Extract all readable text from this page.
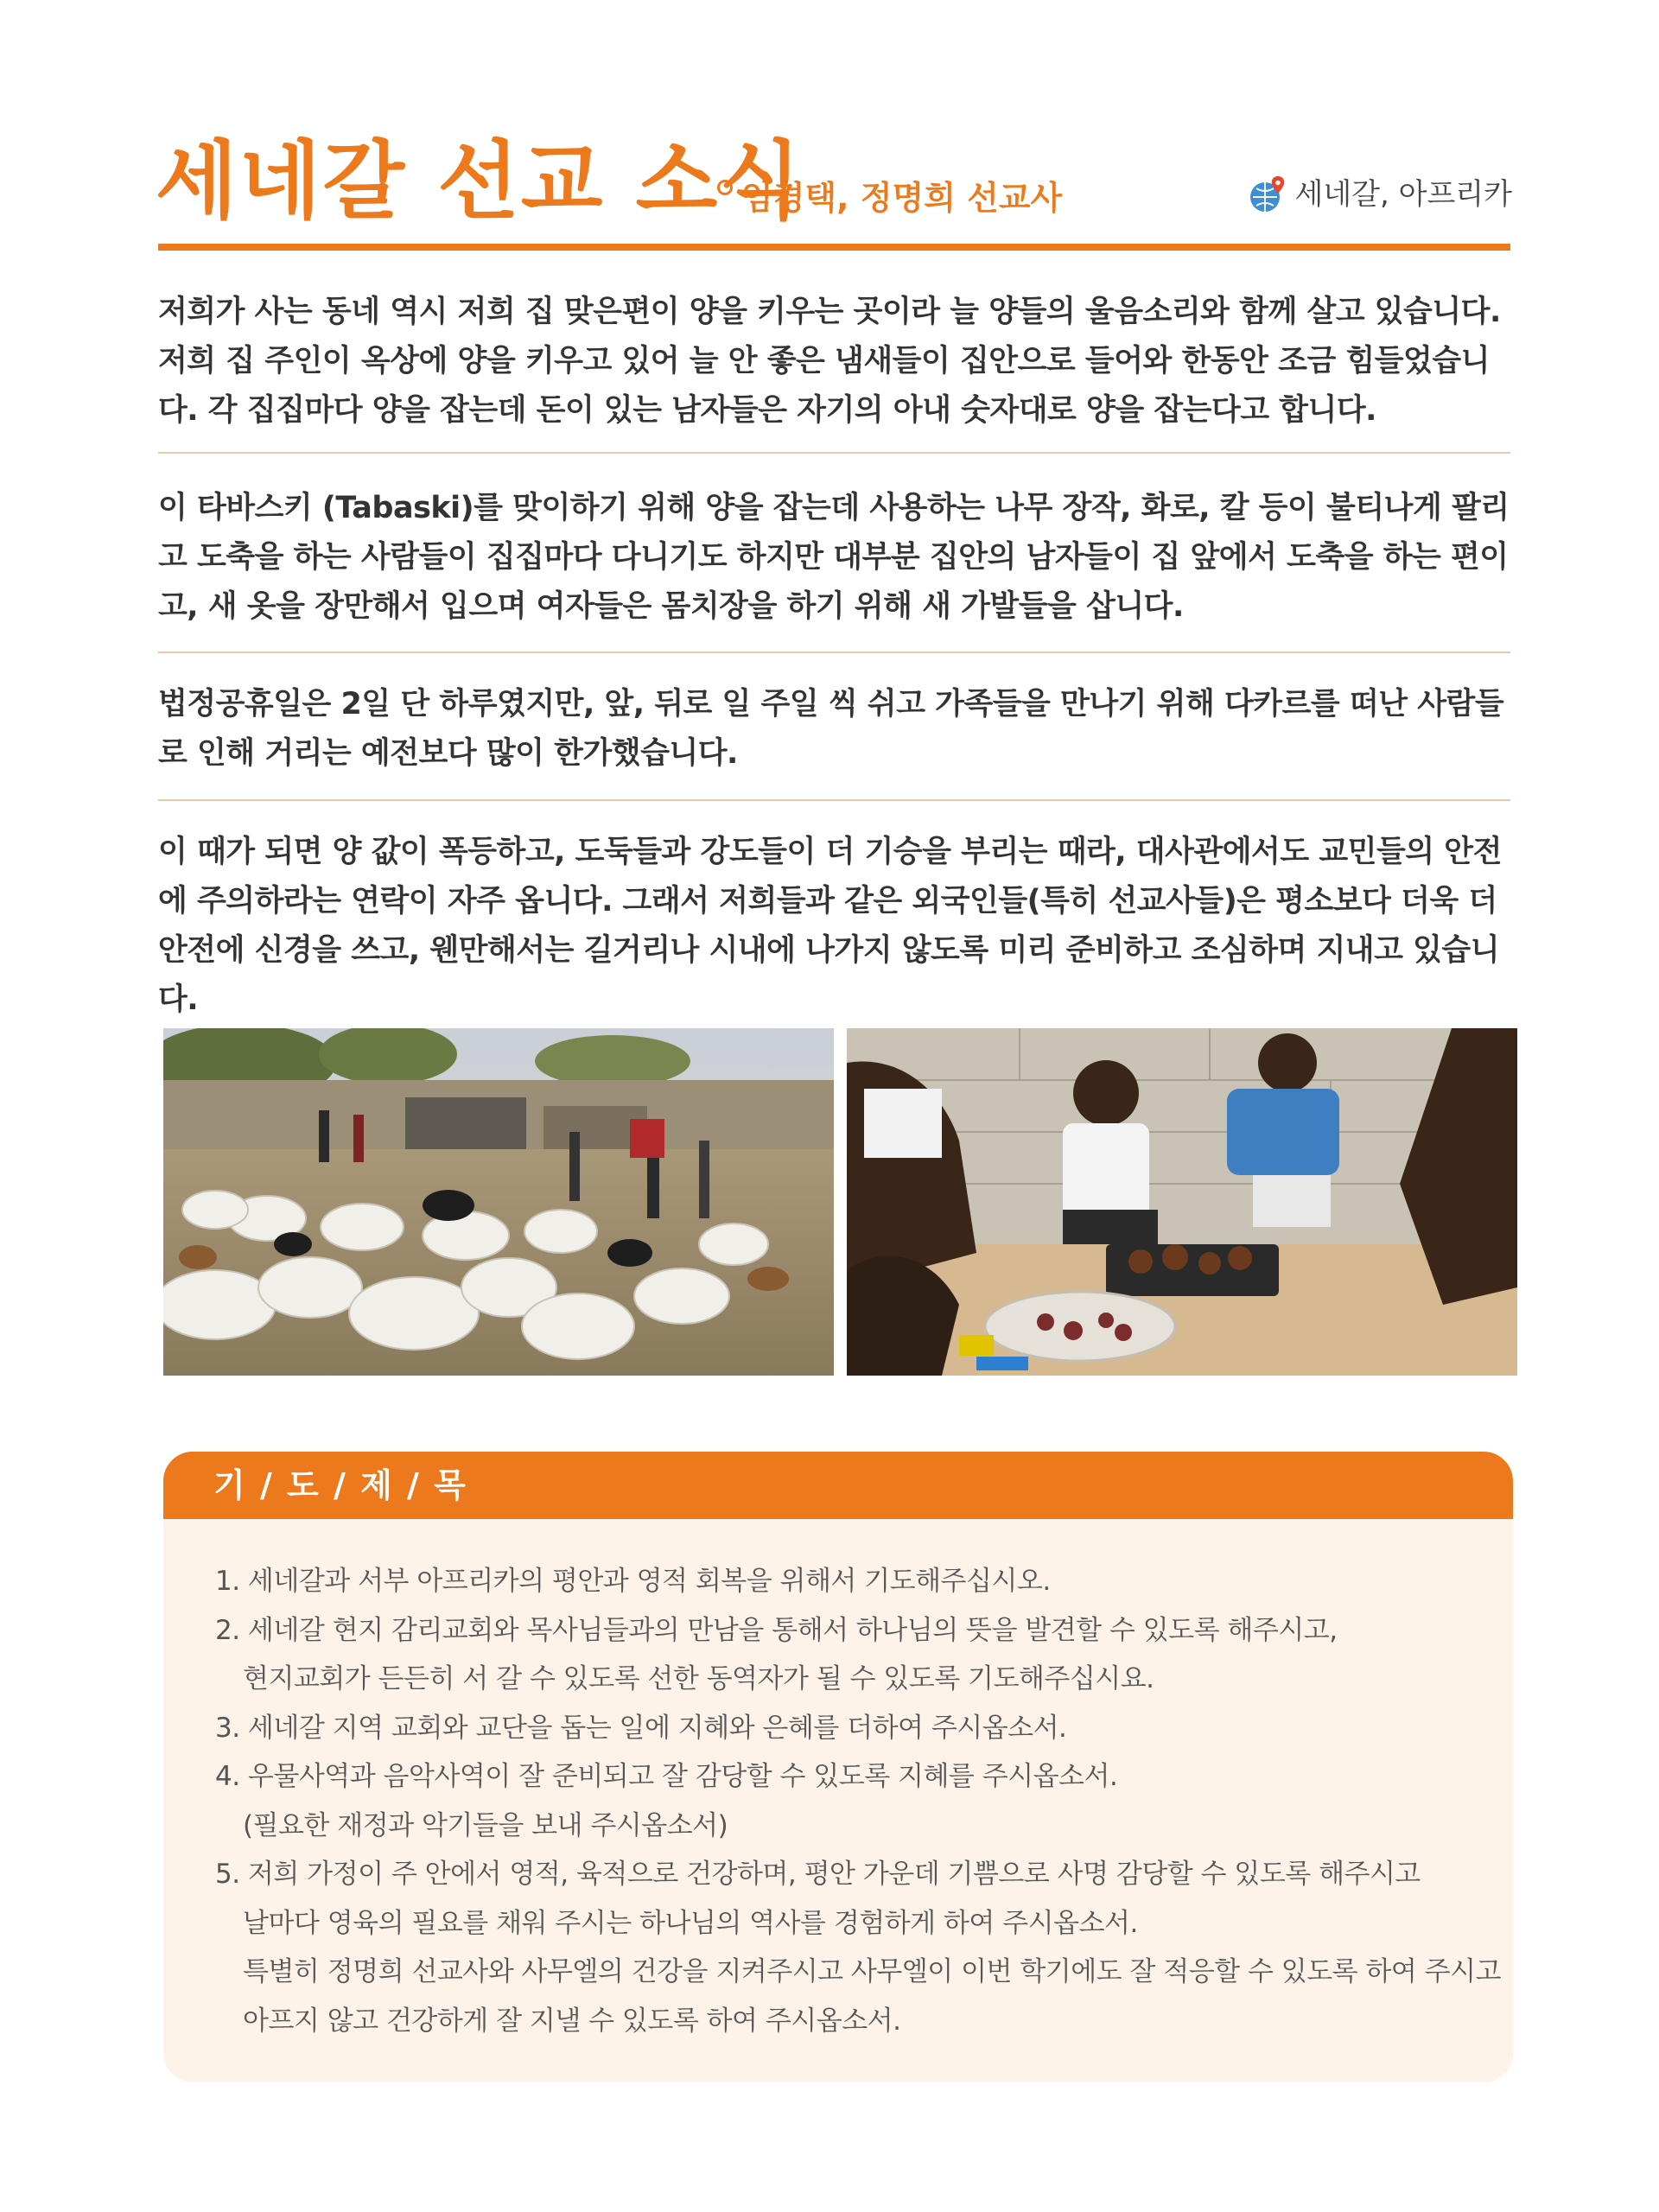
세네갈 선교 소식
임경택, 정명희 선교사	세네갈, 아프리카

저희가 사는 동네 역시 저희 집 맞은편이 양을 키우는 곳이라 늘 양들의 울음소리와 함께 살고 있습니다. 저희 집 주인이 옥상에 양을 키우고 있어 늘 안 좋은 냄새들이 집안으로 들어와 한동안 조금 힘들었습니다. 각 집집마다 양을 잡는데 돈이 있는 남자들은 자기의 아내 숫자대로 양을 잡는다고 합니다.

이 타바스키 (Tabaski)를 맞이하기 위해 양을 잡는데 사용하는 나무 장작, 화로, 칼 등이 불티나게 팔리고 도축을 하는 사람들이 집집마다 다니기도 하지만 대부분 집안의 남자들이 집 앞에서 도축을 하는 편이고, 새 옷을 장만해서 입으며 여자들은 몸치장을 하기 위해 새 가발들을 삽니다.

법정공휴일은 2일 단 하루였지만, 앞, 뒤로 일 주일 씩 쉬고 가족들을 만나기 위해 다카르를 떠난 사람들로 인해 거리는 예전보다 많이 한가했습니다.

이 때가 되면 양 값이 폭등하고, 도둑들과 강도들이 더 기승을 부리는 때라, 대사관에서도 교민들의 안전에 주의하라는 연락이 자주 옵니다. 그래서 저희들과 같은 외국인들(특히 선교사들)은 평소보다 더욱 더 안전에 신경을 쓰고, 웬만해서는 길거리나 시내에 나가지 않도록 미리 준비하고 조심하며 지내고 있습니다.

기 / 도 / 제 / 목
1. 세네갈과 서부 아프리카의 평안과 영적 회복을 위해서 기도해주십시오.
2. 세네갈 현지 감리교회와 목사님들과의 만남을 통해서 하나님의 뜻을 발견할 수 있도록 해주시고,
현지교회가 든든히 서 갈 수 있도록 선한 동역자가 될 수 있도록 기도해주십시요.
3. 세네갈 지역 교회와 교단을 돕는 일에 지혜와 은혜를 더하여 주시옵소서.
4. 우물사역과 음악사역이 잘 준비되고 잘 감당할 수 있도록 지혜를 주시옵소서.
(필요한 재정과 악기들을 보내 주시옵소서)
5. 저희 가정이 주 안에서 영적, 육적으로 건강하며, 평안 가운데 기쁨으로 사명 감당할 수 있도록 해주시고
날마다 영육의 필요를 채워 주시는 하나님의 역사를 경험하게 하여 주시옵소서.
특별히 정명희 선교사와 사무엘의 건강을 지켜주시고 사무엘이 이번 학기에도 잘 적응할 수 있도록 하여 주시고
아프지 않고 건강하게 잘 지낼 수 있도록 하여 주시옵소서.
